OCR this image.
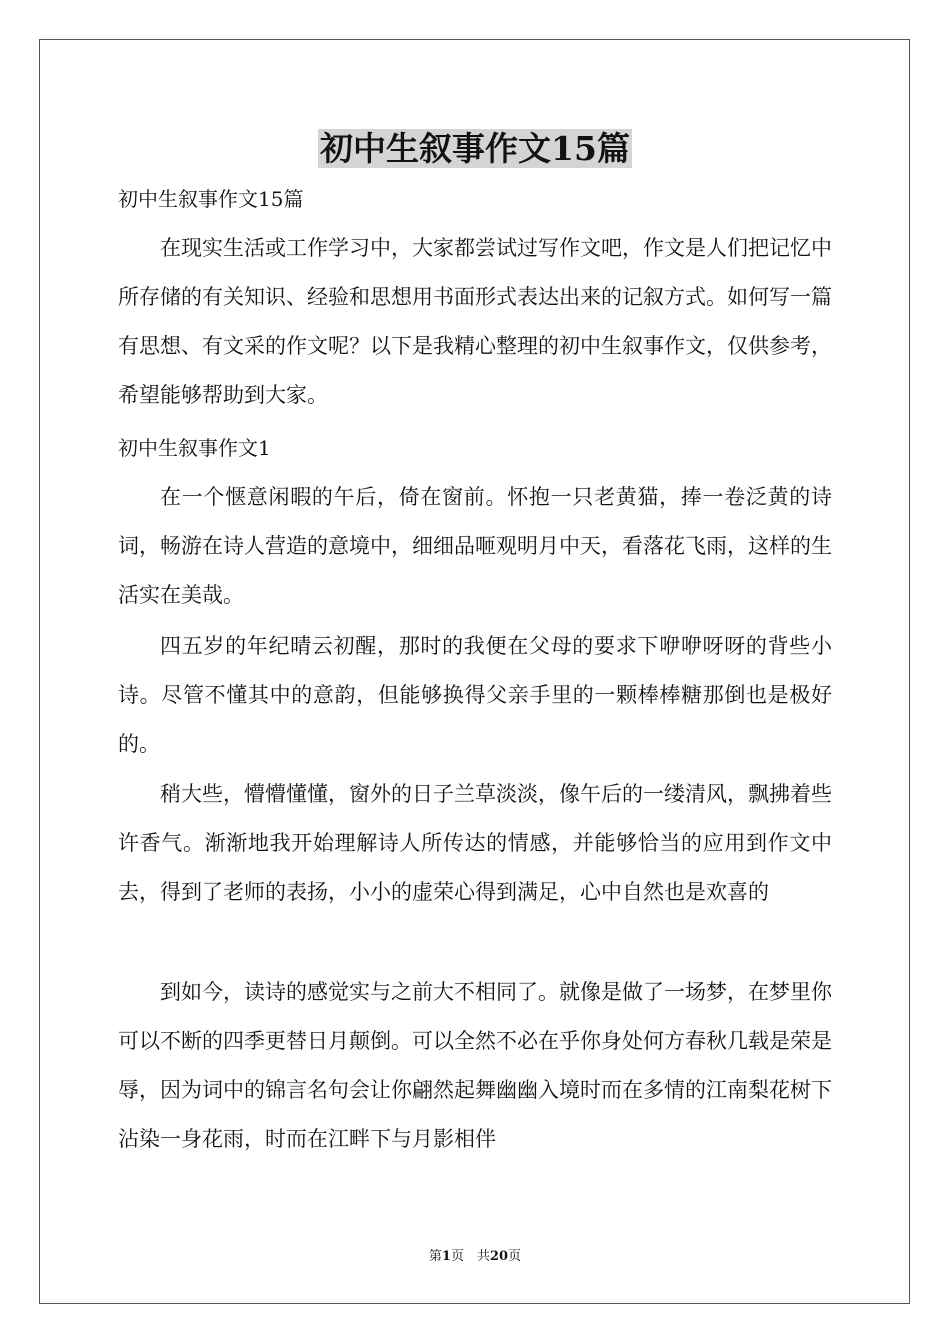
初中生叙事作文15篇
初中生叙事作文15篇

在现实生活或工作学习中，大家都尝试过写作文吧，作文是人们把记忆中所存储的有关知识、经验和思想用书面形式表达出来的记叙方式。如何写一篇有思想、有文采的作文呢？以下是我精心整理的初中生叙事作文，仅供参考，希望能够帮助到大家。

初中生叙事作文1

在一个惬意闲暇的午后，倚在窗前。怀抱一只老黄猫，捧一卷泛黄的诗词，畅游在诗人营造的意境中，细细品咂观明月中天，看落花飞雨，这样的生活实在美哉。

四五岁的年纪晴云初醒，那时的我便在父母的要求下咿咿呀呀的背些小诗。尽管不懂其中的意韵，但能够换得父亲手里的一颗棒棒糖那倒也是极好的。

稍大些，懵懵懂懂，窗外的日子兰草淡淡，像午后的一缕清风，飘拂着些许香气。渐渐地我开始理解诗人所传达的情感，并能够恰当的应用到作文中去，得到了老师的表扬，小小的虚荣心得到满足，心中自然也是欢喜的

到如今，读诗的感觉实与之前大不相同了。就像是做了一场梦，在梦里你可以不断的四季更替日月颠倒。可以全然不必在乎你身处何方春秋几载是荣是辱，因为词中的锦言名句会让你翩然起舞幽幽入境时而在多情的江南梨花树下沾染一身花雨，时而在江畔下与月影相伴

第1页　共20页
